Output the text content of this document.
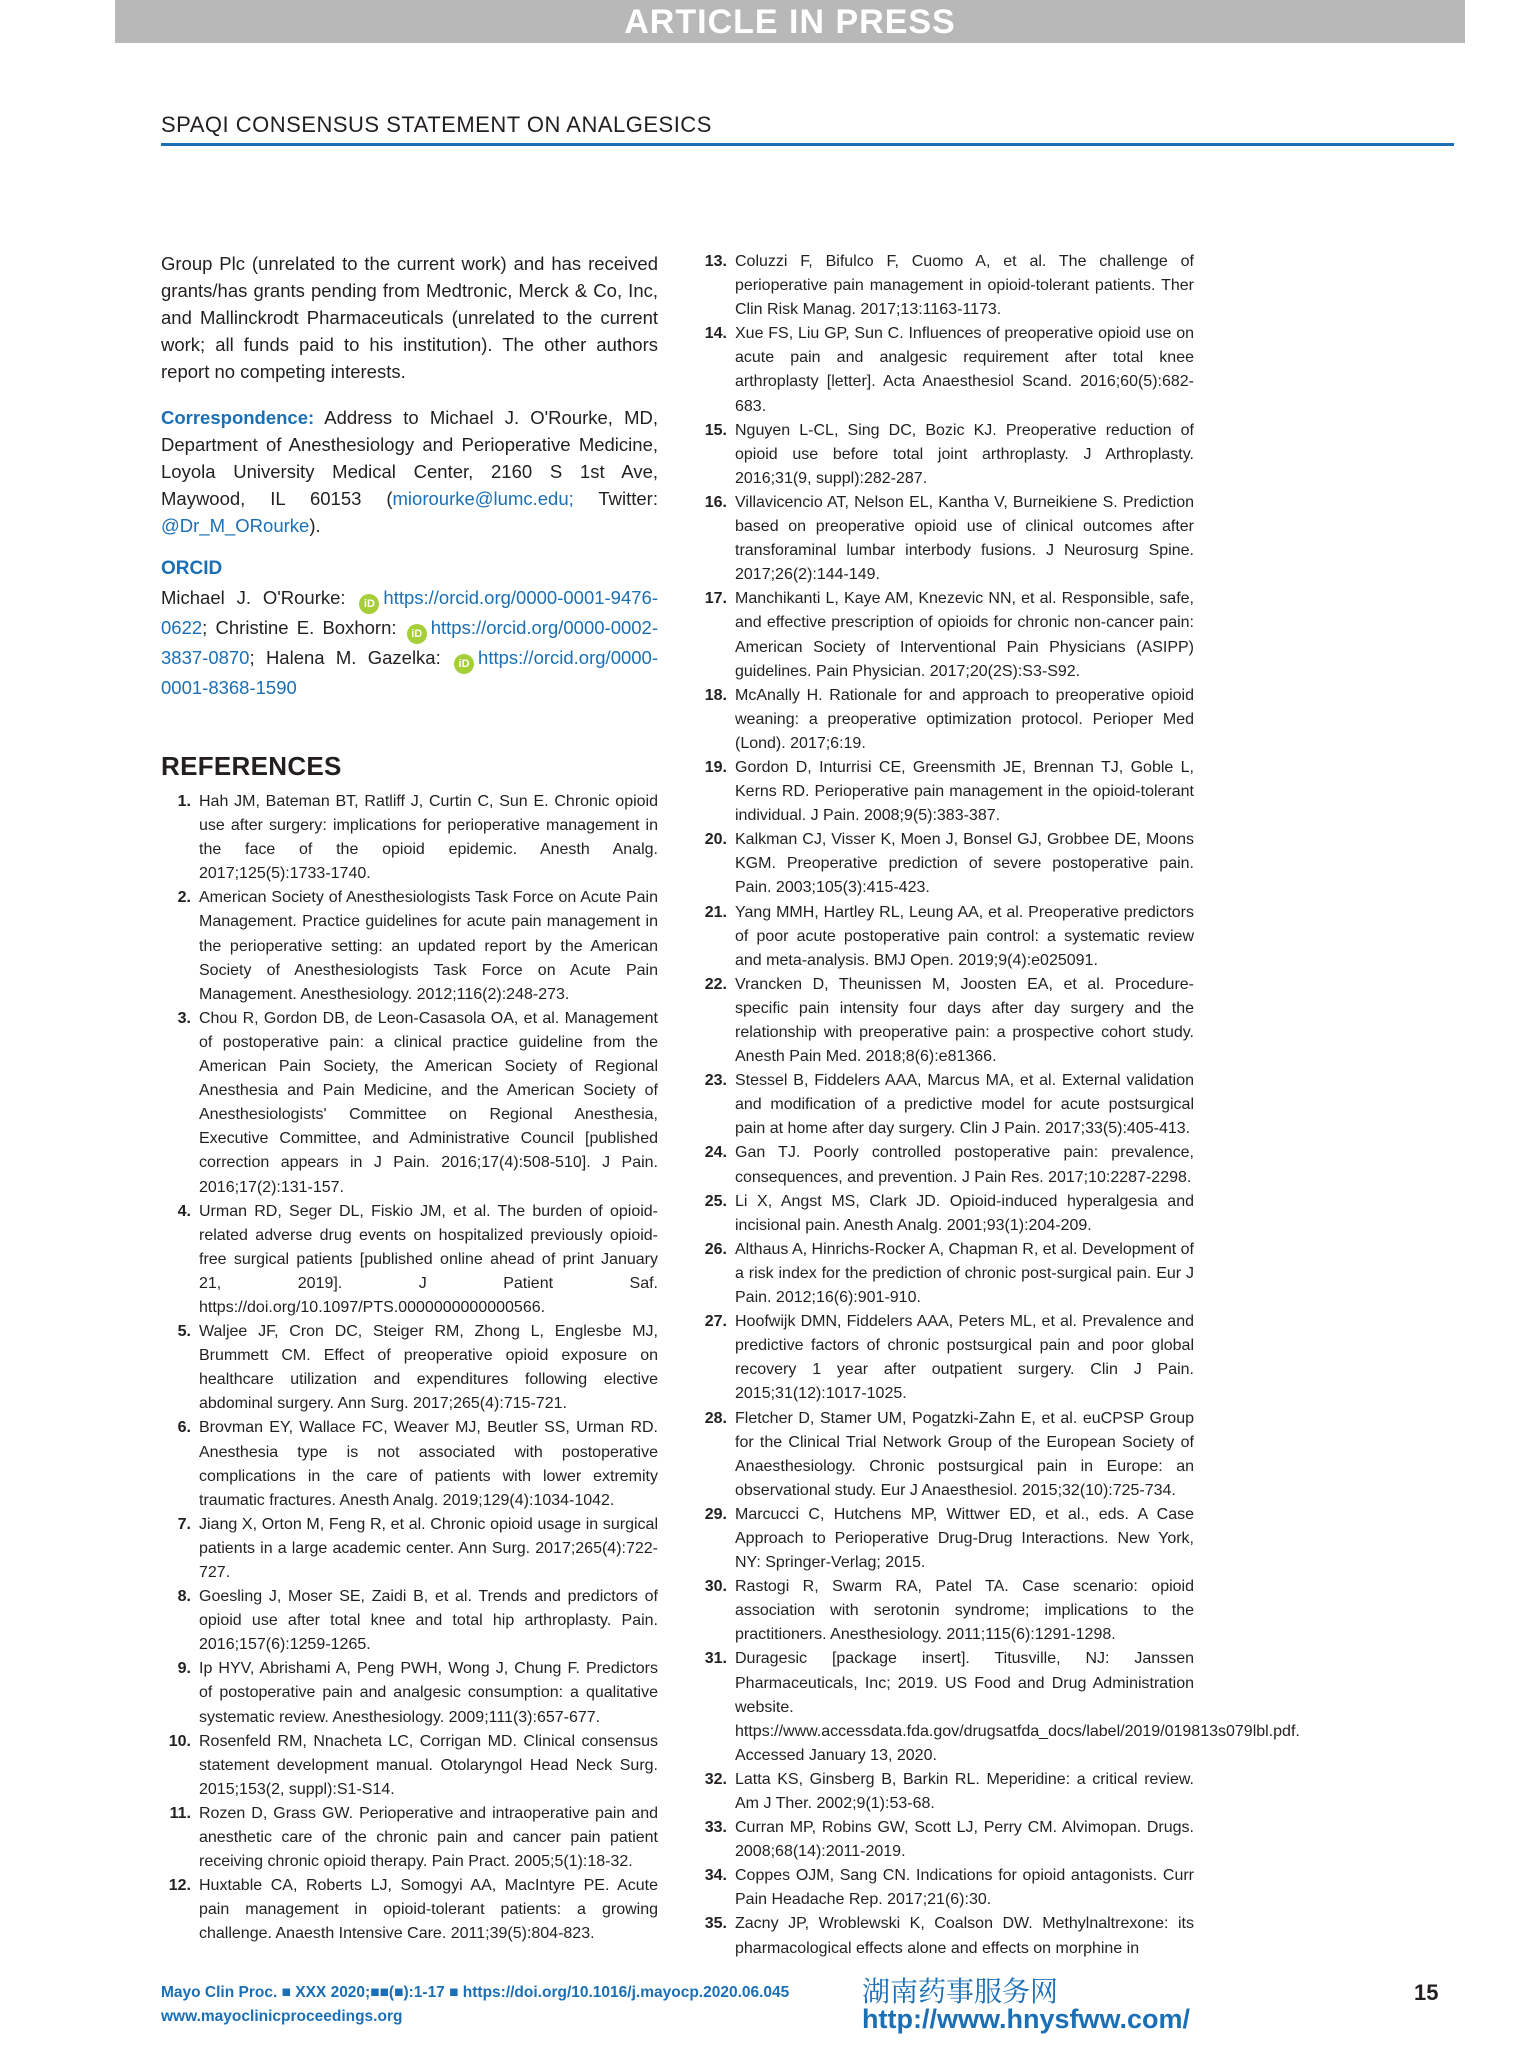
ARTICLE IN PRESS
SPAQI CONSENSUS STATEMENT ON ANALGESICS

Group Plc (unrelated to the current work) and has received grants/has grants pending from Medtronic, Merck & Co, Inc, and Mallinckrodt Pharmaceuticals (unrelated to the current work; all funds paid to his institution). The other authors report no competing interests.

Correspondence: Address to Michael J. O'Rourke, MD, Department of Anesthesiology and Perioperative Medicine, Loyola University Medical Center, 2160 S 1st Ave, Maywood, IL 60153 (miorourke@lumc.edu; Twitter: @Dr_M_ORourke).

ORCID

Michael J. O'Rourke: iD https://orcid.org/0000-0001-9476-0622; Christine E. Boxhorn: iD https://orcid.org/0000-0002-3837-0870; Halena M. Gazelka: iD https://orcid.org/0000-0001-8368-1590

REFERENCES
1. Hah JM, Bateman BT, Ratliff J, Curtin C, Sun E. Chronic opioid use after surgery: implications for perioperative management in the face of the opioid epidemic. Anesth Analg. 2017;125(5):1733-1740.
2. American Society of Anesthesiologists Task Force on Acute Pain Management. Practice guidelines for acute pain management in the perioperative setting: an updated report by the American Society of Anesthesiologists Task Force on Acute Pain Management. Anesthesiology. 2012;116(2):248-273.
3. Chou R, Gordon DB, de Leon-Casasola OA, et al. Management of postoperative pain: a clinical practice guideline from the American Pain Society, the American Society of Regional Anesthesia and Pain Medicine, and the American Society of Anesthesiologists' Committee on Regional Anesthesia, Executive Committee, and Administrative Council [published correction appears in J Pain. 2016;17(4):508-510]. J Pain. 2016;17(2):131-157.
4. Urman RD, Seger DL, Fiskio JM, et al. The burden of opioid-related adverse drug events on hospitalized previously opioid-free surgical patients [published online ahead of print January 21, 2019]. J Patient Saf. https://doi.org/10.1097/PTS.0000000000000566.
5. Waljee JF, Cron DC, Steiger RM, Zhong L, Englesbe MJ, Brummett CM. Effect of preoperative opioid exposure on healthcare utilization and expenditures following elective abdominal surgery. Ann Surg. 2017;265(4):715-721.
6. Brovman EY, Wallace FC, Weaver MJ, Beutler SS, Urman RD. Anesthesia type is not associated with postoperative complications in the care of patients with lower extremity traumatic fractures. Anesth Analg. 2019;129(4):1034-1042.
7. Jiang X, Orton M, Feng R, et al. Chronic opioid usage in surgical patients in a large academic center. Ann Surg. 2017;265(4):722-727.
8. Goesling J, Moser SE, Zaidi B, et al. Trends and predictors of opioid use after total knee and total hip arthroplasty. Pain. 2016;157(6):1259-1265.
9. Ip HYV, Abrishami A, Peng PWH, Wong J, Chung F. Predictors of postoperative pain and analgesic consumption: a qualitative systematic review. Anesthesiology. 2009;111(3):657-677.
10. Rosenfeld RM, Nnacheta LC, Corrigan MD. Clinical consensus statement development manual. Otolaryngol Head Neck Surg. 2015;153(2, suppl):S1-S14.
11. Rozen D, Grass GW. Perioperative and intraoperative pain and anesthetic care of the chronic pain and cancer pain patient receiving chronic opioid therapy. Pain Pract. 2005;5(1):18-32.
12. Huxtable CA, Roberts LJ, Somogyi AA, MacIntyre PE. Acute pain management in opioid-tolerant patients: a growing challenge. Anaesth Intensive Care. 2011;39(5):804-823.
13. Coluzzi F, Bifulco F, Cuomo A, et al. The challenge of perioperative pain management in opioid-tolerant patients. Ther Clin Risk Manag. 2017;13:1163-1173.
14. Xue FS, Liu GP, Sun C. Influences of preoperative opioid use on acute pain and analgesic requirement after total knee arthroplasty [letter]. Acta Anaesthesiol Scand. 2016;60(5):682-683.
15. Nguyen L-CL, Sing DC, Bozic KJ. Preoperative reduction of opioid use before total joint arthroplasty. J Arthroplasty. 2016;31(9, suppl):282-287.
16. Villavicencio AT, Nelson EL, Kantha V, Burneikiene S. Prediction based on preoperative opioid use of clinical outcomes after transforaminal lumbar interbody fusions. J Neurosurg Spine. 2017;26(2):144-149.
17. Manchikanti L, Kaye AM, Knezevic NN, et al. Responsible, safe, and effective prescription of opioids for chronic non-cancer pain: American Society of Interventional Pain Physicians (ASIPP) guidelines. Pain Physician. 2017;20(2S):S3-S92.
18. McAnally H. Rationale for and approach to preoperative opioid weaning: a preoperative optimization protocol. Perioper Med (Lond). 2017;6:19.
19. Gordon D, Inturrisi CE, Greensmith JE, Brennan TJ, Goble L, Kerns RD. Perioperative pain management in the opioid-tolerant individual. J Pain. 2008;9(5):383-387.
20. Kalkman CJ, Visser K, Moen J, Bonsel GJ, Grobbee DE, Moons KGM. Preoperative prediction of severe postoperative pain. Pain. 2003;105(3):415-423.
21. Yang MMH, Hartley RL, Leung AA, et al. Preoperative predictors of poor acute postoperative pain control: a systematic review and meta-analysis. BMJ Open. 2019;9(4):e025091.
22. Vrancken D, Theunissen M, Joosten EA, et al. Procedure-specific pain intensity four days after day surgery and the relationship with preoperative pain: a prospective cohort study. Anesth Pain Med. 2018;8(6):e81366.
23. Stessel B, Fiddelers AAA, Marcus MA, et al. External validation and modification of a predictive model for acute postsurgical pain at home after day surgery. Clin J Pain. 2017;33(5):405-413.
24. Gan TJ. Poorly controlled postoperative pain: prevalence, consequences, and prevention. J Pain Res. 2017;10:2287-2298.
25. Li X, Angst MS, Clark JD. Opioid-induced hyperalgesia and incisional pain. Anesth Analg. 2001;93(1):204-209.
26. Althaus A, Hinrichs-Rocker A, Chapman R, et al. Development of a risk index for the prediction of chronic post-surgical pain. Eur J Pain. 2012;16(6):901-910.
27. Hoofwijk DMN, Fiddelers AAA, Peters ML, et al. Prevalence and predictive factors of chronic postsurgical pain and poor global recovery 1 year after outpatient surgery. Clin J Pain. 2015;31(12):1017-1025.
28. Fletcher D, Stamer UM, Pogatzki-Zahn E, et al. euCPSP Group for the Clinical Trial Network Group of the European Society of Anaesthesiology. Chronic postsurgical pain in Europe: an observational study. Eur J Anaesthesiol. 2015;32(10):725-734.
29. Marcucci C, Hutchens MP, Wittwer ED, et al., eds. A Case Approach to Perioperative Drug-Drug Interactions. New York, NY: Springer-Verlag; 2015.
30. Rastogi R, Swarm RA, Patel TA. Case scenario: opioid association with serotonin syndrome; implications to the practitioners. Anesthesiology. 2011;115(6):1291-1298.
31. Duragesic [package insert]. Titusville, NJ: Janssen Pharmaceuticals, Inc; 2019. US Food and Drug Administration website. https://www.accessdata.fda.gov/drugsatfda_docs/label/2019/019813s079lbl.pdf. Accessed January 13, 2020.
32. Latta KS, Ginsberg B, Barkin RL. Meperidine: a critical review. Am J Ther. 2002;9(1):53-68.
33. Curran MP, Robins GW, Scott LJ, Perry CM. Alvimopan. Drugs. 2008;68(14):2011-2019.
34. Coppes OJM, Sang CN. Indications for opioid antagonists. Curr Pain Headache Rep. 2017;21(6):30.
35. Zacny JP, Wroblewski K, Coalson DW. Methylnaltrexone: its pharmacological effects alone and effects on morphine in
Mayo Clin Proc. ■ XXX 2020;■■(■):1-17 ■ https://doi.org/10.1016/j.mayocp.2020.06.045
www.mayoclinicproceedings.org
湖南药事服务网
http://www.hnysfww.com/
15
